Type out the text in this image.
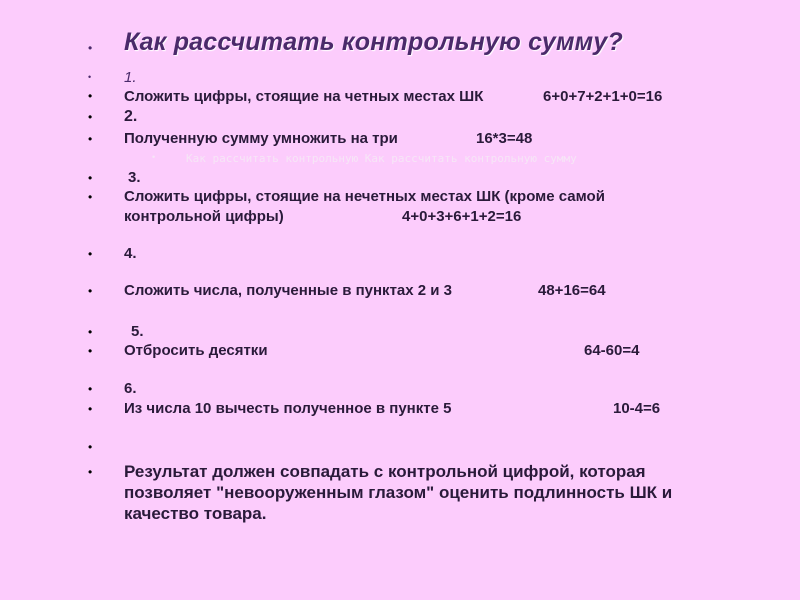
• Как рассчитать контрольную сумму?
• 1.
• Сложить цифры, стоящие на четных местах ШК	6+0+7+2+1+0=16
• 2.
• Полученную сумму умножить на три	16*3=48
•	Как рассчитать контрольную Как рассчитать контрольную сумму
• 3.
• Сложить цифры, стоящие на нечетных местах ШК (кроме самой
контрольной цифры)	4+0+3+6+1+2=16
• 4.
• Сложить числа, полученные в пунктах 2 и 3	48+16=64
•	5.
• Отбросить десятки	64-60=4
• 6.
• Из числа 10 вычесть полученное в пункте 5	10-4=6
•
• Результат должен совпадать с контрольной цифрой, которая позволяет "невооруженным глазом" оценить подлинность ШК и качество товара.
